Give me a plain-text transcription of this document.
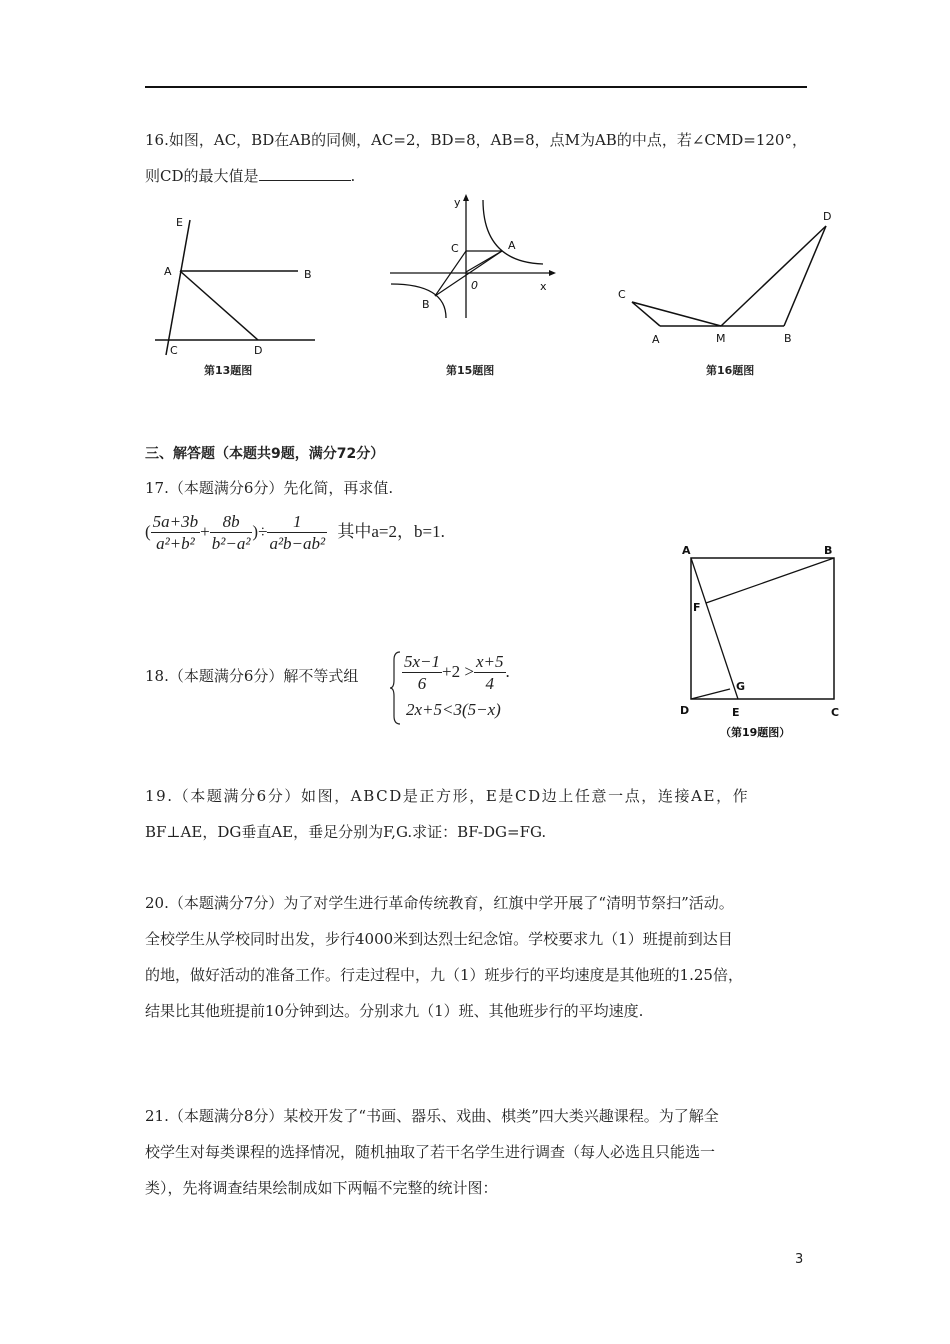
16.如图，AC，BD在AB的同侧，AC=2，BD=8，AB=8，点M为AB的中点，若∠CMD=120°，
则CD的最大值是	.
E
A	B
C	D
第13题图
y
x
C	A
B
0
第15题图
C
A	M	B
D
第16题图
三、解答题（本题共9题，满分72分）
17.（本题满分6分）先化简，再求值.
( $\frac{5a+3b}{\text{a²+b²}} + \frac{8b}{\text{b²−a²}}$ )÷ $\frac{1}{\text{a²b−ab²}}$ 其中a=2，b=1.
A	B
F
G
D	E	C
（第19题图）
18.（本题满分6分）解不等式组	$\frac{5x-1}{6} +2 > \frac{x+5}{4}$ .
2x+5<3(5−x)
19.（本题满分6分）如图，ABCD是正方形，E是CD边上任意一点，连接AE，作
BF⊥AE，DG垂直AE，垂足分别为F,G.求证：BF-DG=FG.
20.（本题满分7分）为了对学生进行革命传统教育，红旗中学开展了“清明节祭扫”活动。
全校学生从学校同时出发，步行4000米到达烈士纪念馆。学校要求九（1）班提前到达目
的地，做好活动的准备工作。行走过程中，九（1）班步行的平均速度是其他班的1.25倍，
结果比其他班提前10分钟到达。分别求九（1）班、其他班步行的平均速度.
21.（本题满分8分）某校开发了“书画、器乐、戏曲、棋类”四大类兴趣课程。为了解全
校学生对每类课程的选择情况，随机抽取了若干名学生进行调查（每人必选且只能选一
类），先将调查结果绘制成如下两幅不完整的统计图：
3
